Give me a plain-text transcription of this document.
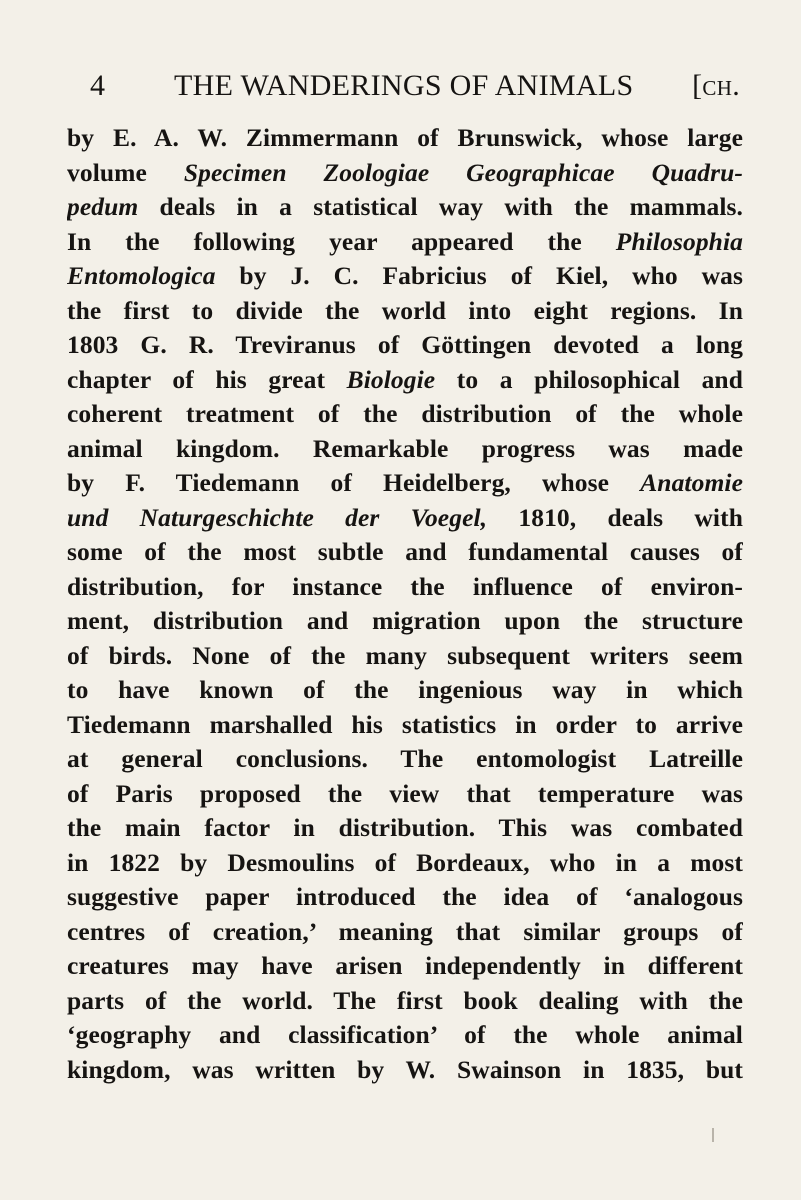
4 THE WANDERINGS OF ANIMALS [ch.
by E. A. W. Zimmermann of Brunswick, whose large
volume Specimen Zoologiae Geographicae Quadru-
pedum deals in a statistical way with the mammals.
In the following year appeared the Philosophia
Entomologica by J. C. Fabricius of Kiel, who was
the first to divide the world into eight regions. In
1803 G. R. Treviranus of Göttingen devoted a long
chapter of his great Biologie to a philosophical and
coherent treatment of the distribution of the whole
animal kingdom. Remarkable progress was made
by F. Tiedemann of Heidelberg, whose Anatomie
und Naturgeschichte der Voegel, 1810, deals with
some of the most subtle and fundamental causes of
distribution, for instance the influence of environ-
ment, distribution and migration upon the structure
of birds. None of the many subsequent writers seem
to have known of the ingenious way in which
Tiedemann marshalled his statistics in order to arrive
at general conclusions. The entomologist Latreille
of Paris proposed the view that temperature was
the main factor in distribution. This was combated
in 1822 by Desmoulins of Bordeaux, who in a most
suggestive paper introduced the idea of ‘analogous
centres of creation,’ meaning that similar groups of
creatures may have arisen independently in different
parts of the world. The first book dealing with the
‘geography and classification’ of the whole animal
kingdom, was written by W. Swainson in 1835, but
